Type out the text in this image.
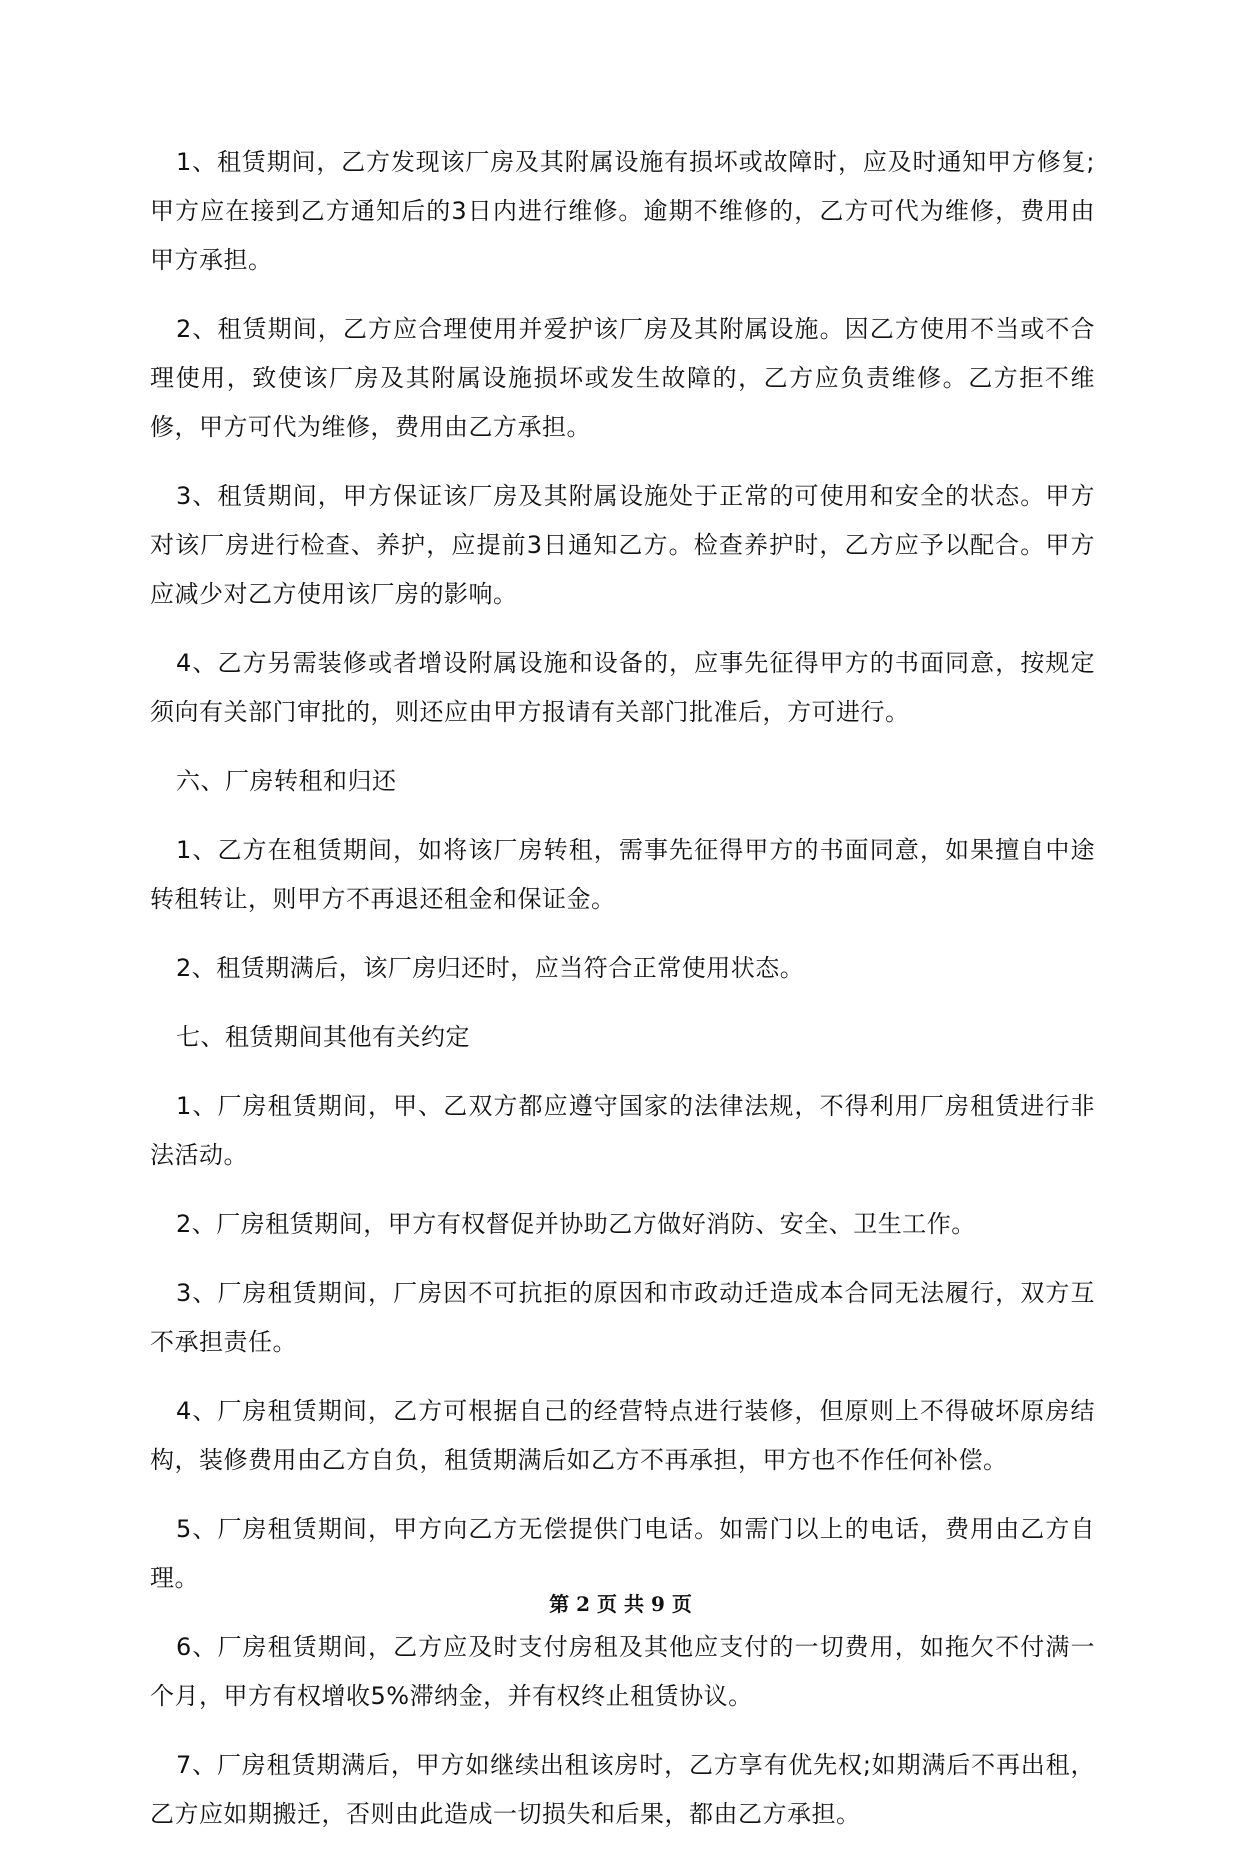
1、租赁期间，乙方发现该厂房及其附属设施有损坏或故障时，应及时通知甲方修复;甲方应在接到乙方通知后的3日内进行维修。逾期不维修的，乙方可代为维修，费用由甲方承担。

2、租赁期间，乙方应合理使用并爱护该厂房及其附属设施。因乙方使用不当或不合理使用，致使该厂房及其附属设施损坏或发生故障的，乙方应负责维修。乙方拒不维修，甲方可代为维修，费用由乙方承担。

3、租赁期间，甲方保证该厂房及其附属设施处于正常的可使用和安全的状态。甲方对该厂房进行检查、养护，应提前3日通知乙方。检查养护时，乙方应予以配合。甲方应减少对乙方使用该厂房的影响。

4、乙方另需装修或者增设附属设施和设备的，应事先征得甲方的书面同意，按规定须向有关部门审批的，则还应由甲方报请有关部门批准后，方可进行。

六、厂房转租和归还

1、乙方在租赁期间，如将该厂房转租，需事先征得甲方的书面同意，如果擅自中途转租转让，则甲方不再退还租金和保证金。

2、租赁期满后，该厂房归还时，应当符合正常使用状态。

七、租赁期间其他有关约定

1、厂房租赁期间，甲、乙双方都应遵守国家的法律法规，不得利用厂房租赁进行非法活动。

2、厂房租赁期间，甲方有权督促并协助乙方做好消防、安全、卫生工作。

3、厂房租赁期间，厂房因不可抗拒的原因和市政动迁造成本合同无法履行，双方互不承担责任。

4、厂房租赁期间，乙方可根据自己的经营特点进行装修，但原则上不得破坏原房结构，装修费用由乙方自负，租赁期满后如乙方不再承担，甲方也不作任何补偿。

5、厂房租赁期间，甲方向乙方无偿提供门电话。如需门以上的电话，费用由乙方自理。

6、厂房租赁期间，乙方应及时支付房租及其他应支付的一切费用，如拖欠不付满一个月，甲方有权增收5%滞纳金，并有权终止租赁协议。

7、厂房租赁期满后，甲方如继续出租该房时，乙方享有优先权;如期满后不再出租，乙方应如期搬迁，否则由此造成一切损失和后果，都由乙方承担。

第 2 页 共 9 页
